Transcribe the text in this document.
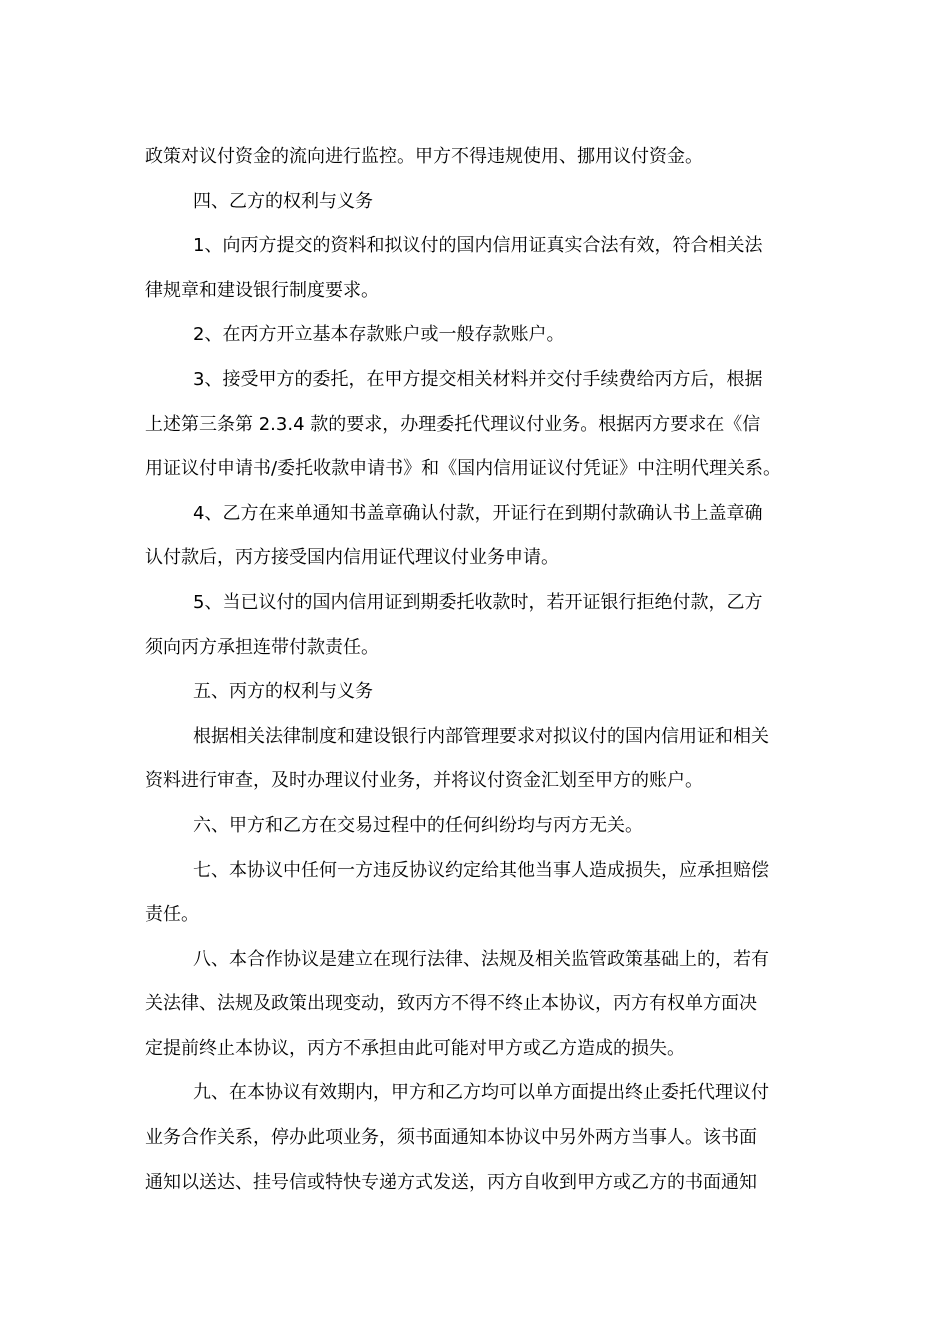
政策对议付资金的流向进行监控。甲方不得违规使用、挪用议付资金。
四、乙方的权利与义务
1、向丙方提交的资料和拟议付的国内信用证真实合法有效，符合相关法
律规章和建设银行制度要求。
2、在丙方开立基本存款账户或一般存款账户。
3、接受甲方的委托，在甲方提交相关材料并交付手续费给丙方后，根据
上述第三条第 2.3.4 款的要求，办理委托代理议付业务。根据丙方要求在《信
用证议付申请书/委托收款申请书》和《国内信用证议付凭证》中注明代理关系。
4、乙方在来单通知书盖章确认付款，开证行在到期付款确认书上盖章确
认付款后，丙方接受国内信用证代理议付业务申请。
5、当已议付的国内信用证到期委托收款时，若开证银行拒绝付款，乙方
须向丙方承担连带付款责任。
五、丙方的权利与义务
根据相关法律制度和建设银行内部管理要求对拟议付的国内信用证和相关
资料进行审查，及时办理议付业务，并将议付资金汇划至甲方的账户。
六、甲方和乙方在交易过程中的任何纠纷均与丙方无关。
七、本协议中任何一方违反协议约定给其他当事人造成损失，应承担赔偿
责任。
八、本合作协议是建立在现行法律、法规及相关监管政策基础上的，若有
关法律、法规及政策出现变动，致丙方不得不终止本协议，丙方有权单方面决
定提前终止本协议，丙方不承担由此可能对甲方或乙方造成的损失。
九、在本协议有效期内，甲方和乙方均可以单方面提出终止委托代理议付
业务合作关系，停办此项业务，须书面通知本协议中另外两方当事人。该书面
通知以送达、挂号信或特快专递方式发送，丙方自收到甲方或乙方的书面通知
